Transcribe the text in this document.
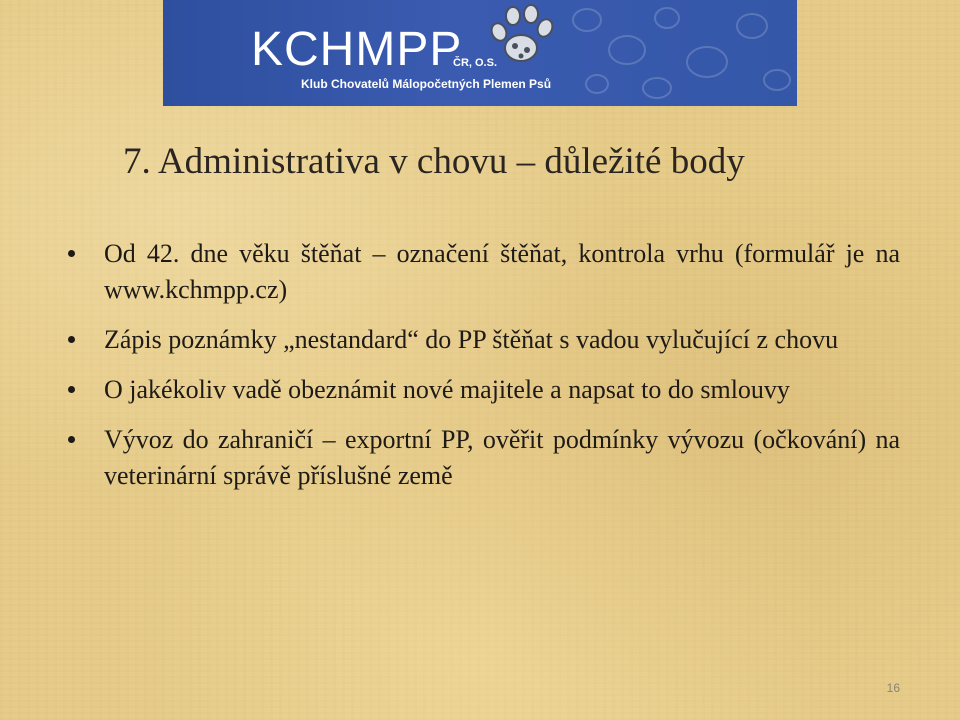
KCHMPP
ČR, O.S.
Klub Chovatelů Málopočetných Plemen Psů
7. Administrativa v chovu – důležité body
Od 42. dne věku štěňat – označení štěňat, kontrola vrhu (formulář je na www.kchmpp.cz)
Zápis poznámky „nestandard“ do PP štěňat s vadou vylučující z chovu
O jakékoliv vadě obeznámit nové majitele a napsat to do smlouvy
Vývoz do zahraničí – exportní PP, ověřit podmínky vývozu (očkování) na veterinární správě příslušné země
16
